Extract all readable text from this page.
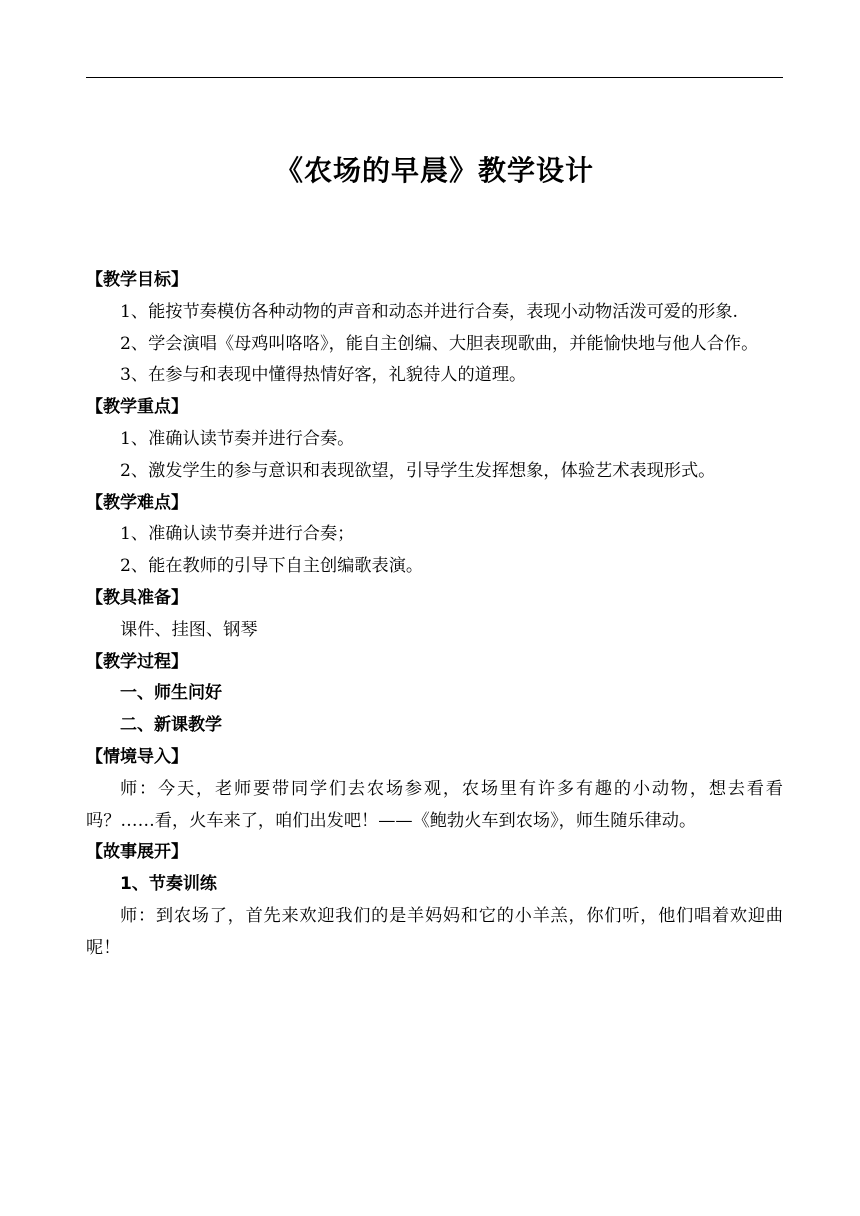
《农场的早晨》教学设计
【教学目标】
1、能按节奏模仿各种动物的声音和动态并进行合奏，表现小动物活泼可爱的形象.
2、学会演唱《母鸡叫咯咯》，能自主创编、大胆表现歌曲，并能愉快地与他人合作。
3、在参与和表现中懂得热情好客，礼貌待人的道理。
【教学重点】
1、准确认读节奏并进行合奏。
2、激发学生的参与意识和表现欲望，引导学生发挥想象，体验艺术表现形式。
【教学难点】
1、准确认读节奏并进行合奏；
2、能在教师的引导下自主创编歌表演。
【教具准备】
课件、挂图、钢琴
【教学过程】
一、师生问好
二、新课教学
【情境导入】
师：今天，老师要带同学们去农场参观，农场里有许多有趣的小动物，想去看看吗？……看，火车来了，咱们出发吧！——《鲍勃火车到农场》，师生随乐律动。
【故事展开】
1、节奏训练
师：到农场了，首先来欢迎我们的是羊妈妈和它的小羊羔，你们听，他们唱着欢迎曲呢！
